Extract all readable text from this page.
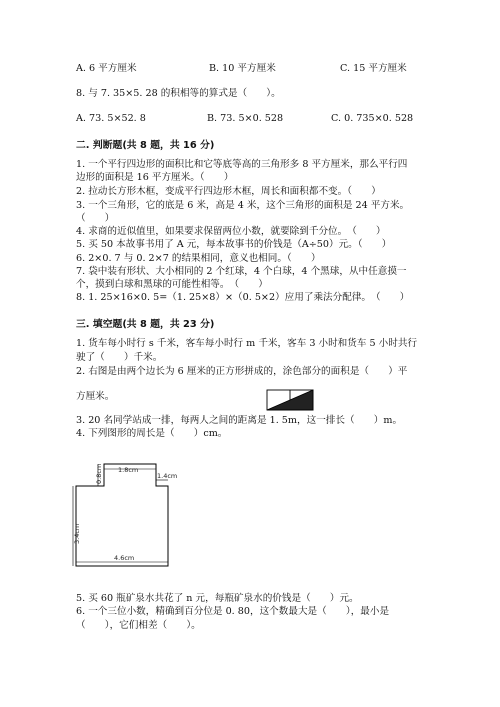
A. 6 平方厘米	B. 10 平方厘米	C. 15 平方厘米
8. 与 7. 35×5. 28 的积相等的算式是（　　）。
A. 73. 5×52. 8	B. 73. 5×0. 528	C. 0. 735×0. 528
二. 判断题(共 8 题，共 16 分)
1. 一个平行四边形的面积比和它等底等高的三角形多 8 平方厘米，那么平行四
边形的面积是 16 平方厘米。（　　）
2. 拉动长方形木框，变成平行四边形木框，周长和面积都不变。（　　）
3. 一个三角形，它的底是 6 米，高是 4 米，这个三角形的面积是 24 平方米。
（　　）
4. 求商的近似值里，如果要求保留两位小数，就要除到千分位。　（　　）
5. 买 50 本故事书用了 A 元，每本故事书的价钱是（A÷50）元。（　　）
6. 2×0. 7 与 0. 2×7 的结果相同，意义也相同。（　　）
7. 袋中装有形状、大小相同的 2 个红球，4 个白球，4 个黑球，从中任意摸一
个，摸到白球和黑球的可能性相等。　（　　）
8. 1. 25×16×0. 5=（1. 25×8）×（0. 5×2）应用了乘法分配律。　（　　）
三. 填空题(共 8 题，共 23 分)
1. 货车每小时行 s 千米，客车每小时行 m 千米，客车 3 小时和货车 5 小时共行
驶了（　　）千米。
2. 右图是由两个边长为 6 厘米的正方形拼成的，涂色部分的面积是（　　）平
方厘米。
3. 20 名同学站成一排，每两人之间的距离是 1. 5m，这一排长（　　）m。
4. 下列图形的周长是（　　）cm。
1.8cm
0.8cm	1.4cm
3.4cm
4.6cm
5. 买 60 瓶矿泉水共花了 n 元，每瓶矿泉水的价钱是（　　）元。
6. 一个三位小数，精确到百分位是 0. 80，这个数最大是（　　），最小是
（　　），它们相差（　　）。
